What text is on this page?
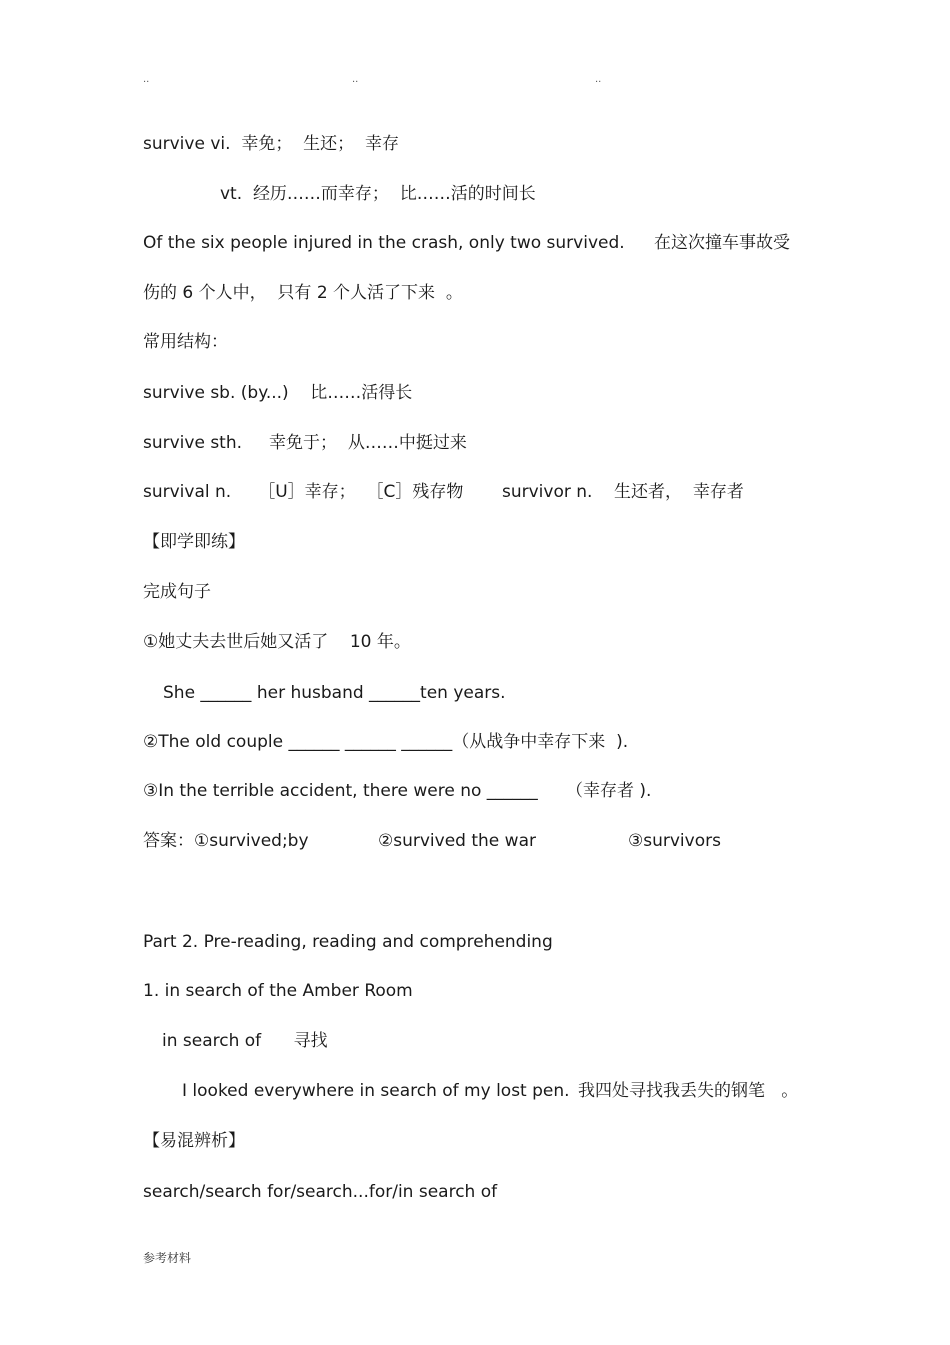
..	..	..
survive vi.  幸免；  生还；  幸存
vt.  经历……而幸存；  比……活的时间长
Of the six people injured in the crash, only two survived. 在这次撞车事故受
伤的 6 个人中，  只有 2 个人活了下来  。
常用结构：
survive sb. (by...)    比……活得长
survive sth.     幸免于；  从……中挺过来
survival n.     ［U］幸存；  ［C］残存物 survivor n.    生还者，  幸存者
【即学即练】
完成句子
①她丈夫去世后她又活了    10 年。
She ______ her husband ______ten years.
②The old couple ______ ______ ______（从战争中幸存下来  ).
③In the terrible accident, there were no ______ （幸存者 ).
答案：①survived;by	②survived the war	③survivors
Part 2. Pre-reading, reading and comprehending
1. in search of the Amber Room
in search of      寻找
I looked everywhere in search of my lost pen. 我四处寻找我丢失的钢笔   。
【易混辨析】
search/search for/search...for/in search of
参考材料
